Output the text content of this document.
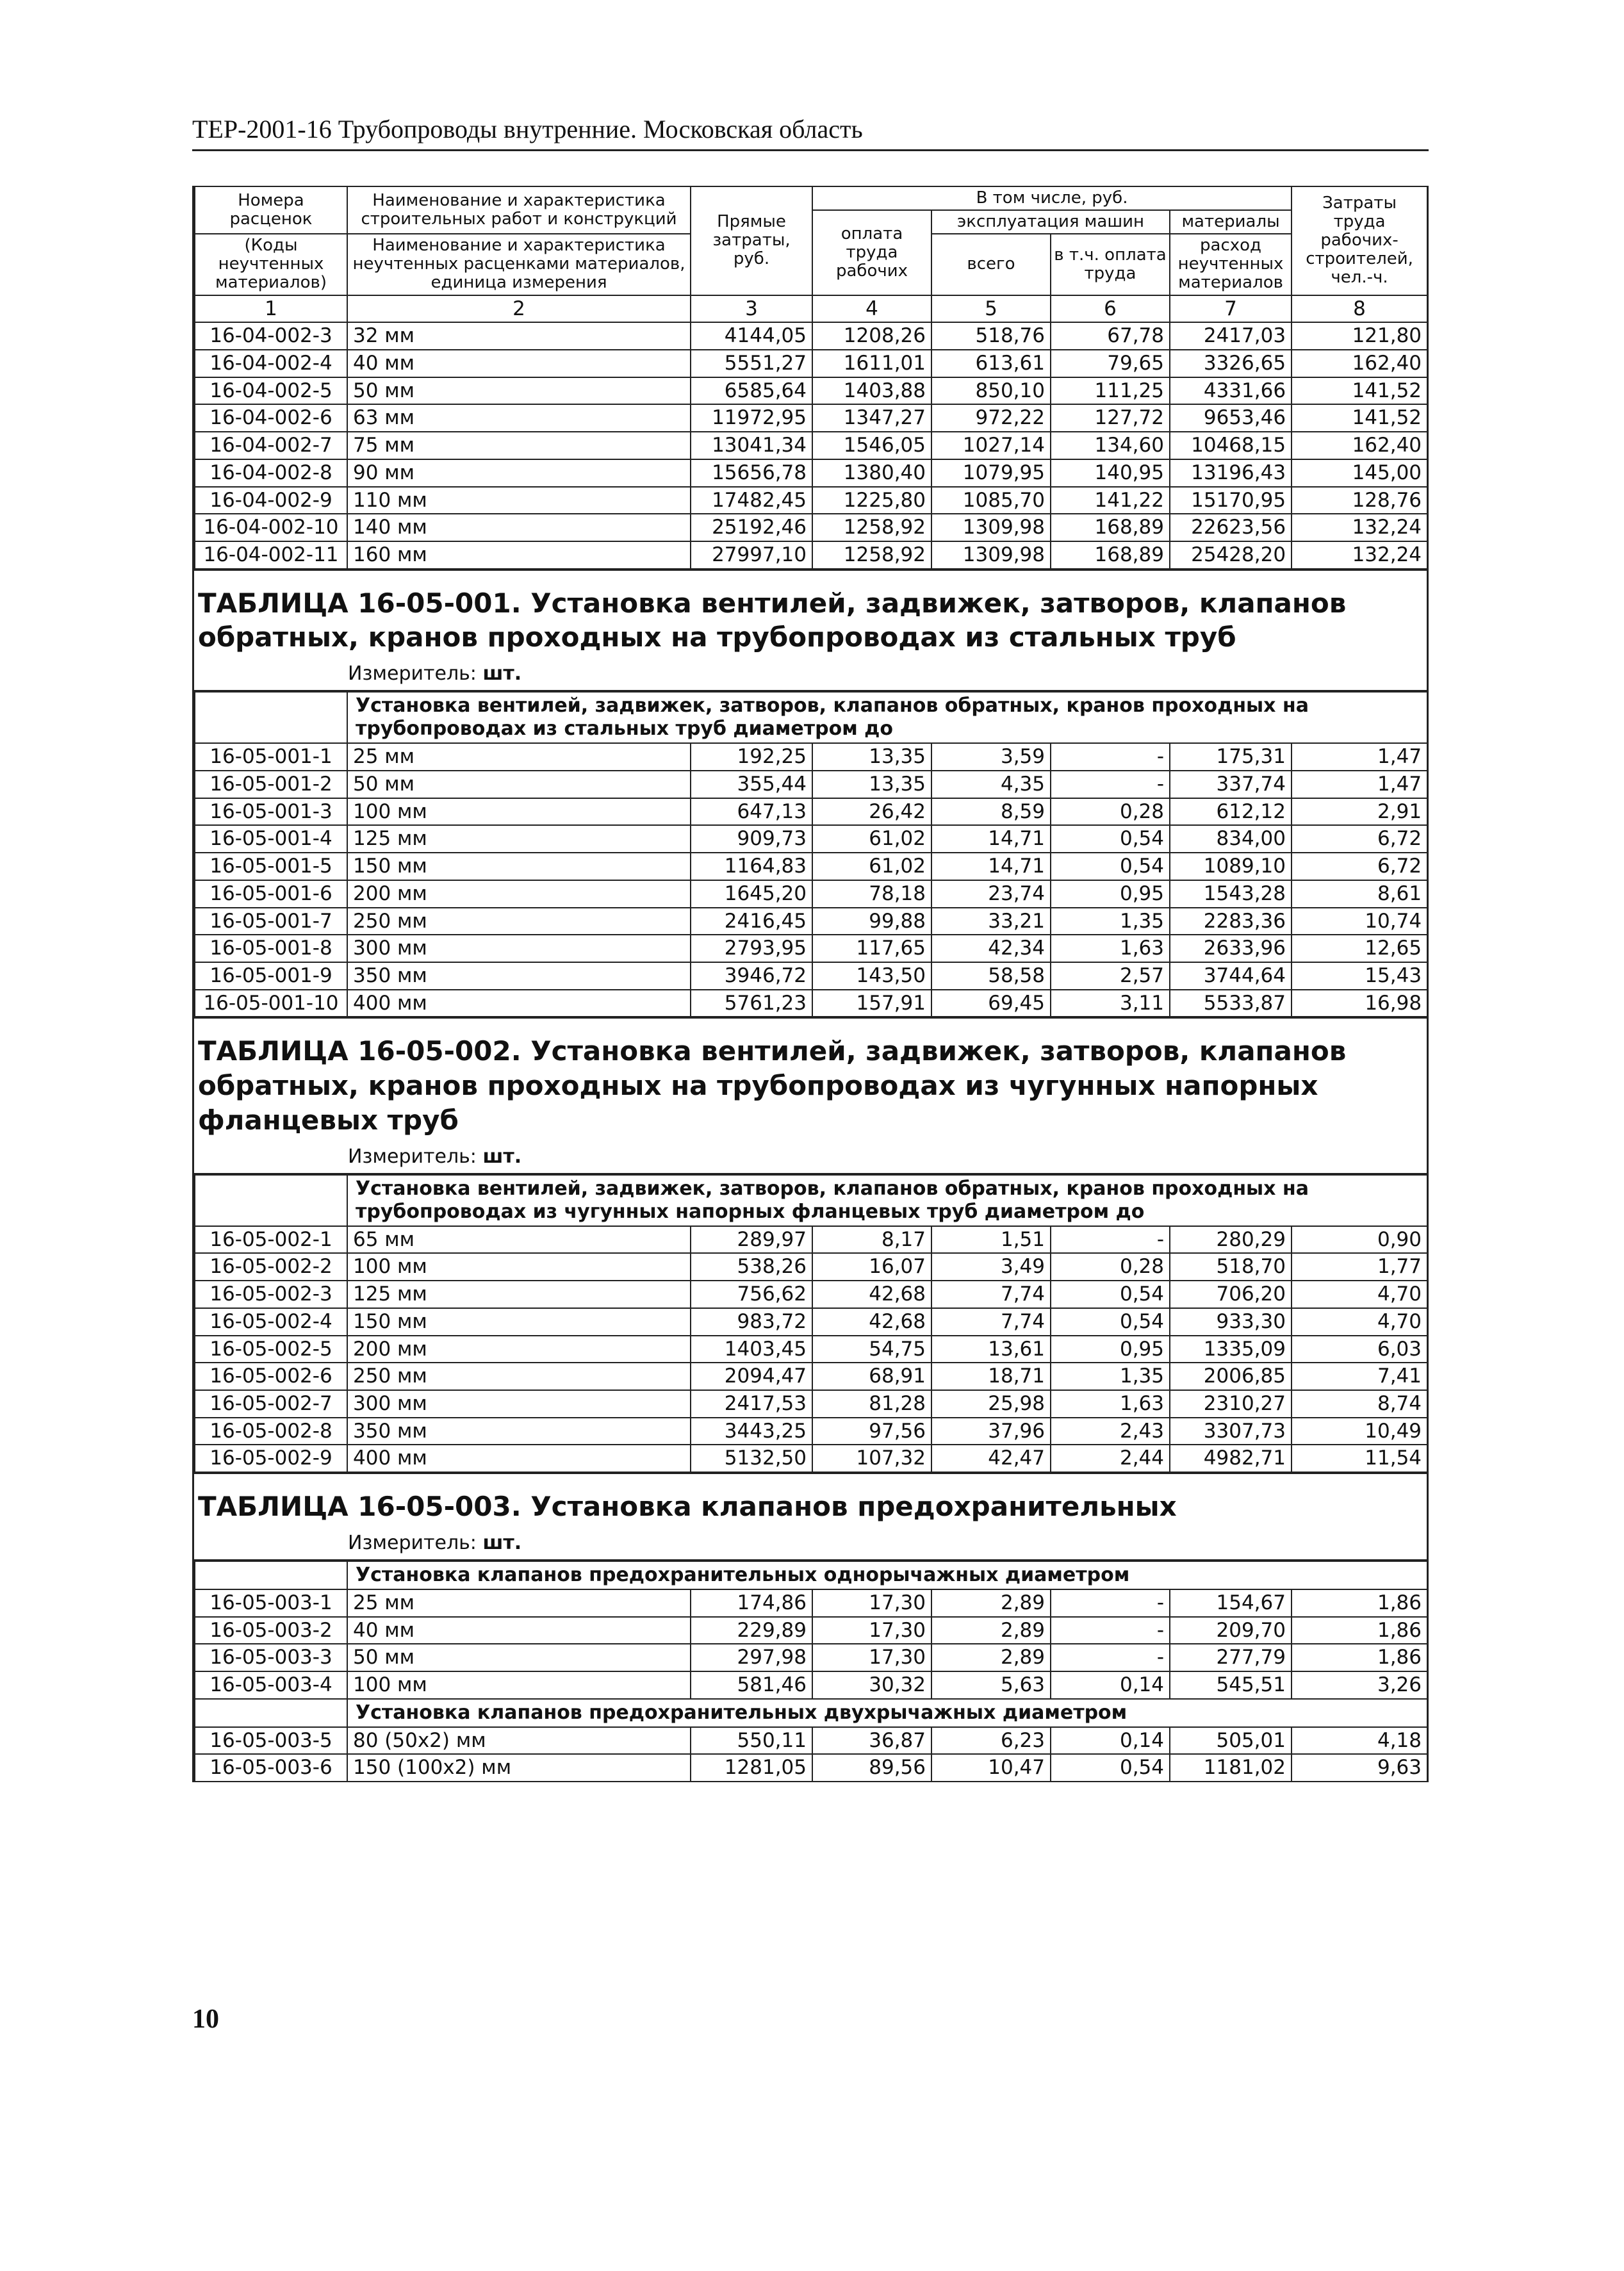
ТЕР-2001-16 Трубопроводы внутренние. Московская область
Номера расценок	Наименование и характеристика строительных работ и конструкций	Прямые затраты, руб.	В том числе, руб.				Затраты труда рабочих-строителей, чел.-ч.
			оплата труда рабочих	эксплуатация машин		материалы	
(Коды неучтенных материалов)	Наименование и характеристика неучтенных расценками материалов, единица измерения			всего	в т.ч. оплата труда	расход неучтенных материалов	

1	2	3	4	5	6	7	8
16-04-002-3	32 мм	4144,05	1208,26	518,76	67,78	2417,03	121,80
16-04-002-4	40 мм	5551,27	1611,01	613,61	79,65	3326,65	162,40
16-04-002-5	50 мм	6585,64	1403,88	850,10	111,25	4331,66	141,52
16-04-002-6	63 мм	11972,95	1347,27	972,22	127,72	9653,46	141,52
16-04-002-7	75 мм	13041,34	1546,05	1027,14	134,60	10468,15	162,40
16-04-002-8	90 мм	15656,78	1380,40	1079,95	140,95	13196,43	145,00
16-04-002-9	110 мм	17482,45	1225,80	1085,70	141,22	15170,95	128,76
16-04-002-10	140 мм	25192,46	1258,92	1309,98	168,89	22623,56	132,24
16-04-002-11	160 мм	27997,10	1258,92	1309,98	168,89	25428,20	132,24
ТАБЛИЦА 16-05-001. Установка вентилей, задвижек, затворов, клапанов обратных, кранов проходных на трубопроводах из стальных труб
Измеритель: шт.
	Установка вентилей, задвижек, затворов, клапанов обратных, кранов проходных на трубопроводах из стальных труб диаметром до						
16-05-001-1	25 мм	192,25	13,35	3,59	-	175,31	1,47
16-05-001-2	50 мм	355,44	13,35	4,35	-	337,74	1,47
16-05-001-3	100 мм	647,13	26,42	8,59	0,28	612,12	2,91
16-05-001-4	125 мм	909,73	61,02	14,71	0,54	834,00	6,72
16-05-001-5	150 мм	1164,83	61,02	14,71	0,54	1089,10	6,72
16-05-001-6	200 мм	1645,20	78,18	23,74	0,95	1543,28	8,61
16-05-001-7	250 мм	2416,45	99,88	33,21	1,35	2283,36	10,74
16-05-001-8	300 мм	2793,95	117,65	42,34	1,63	2633,96	12,65
16-05-001-9	350 мм	3946,72	143,50	58,58	2,57	3744,64	15,43
16-05-001-10	400 мм	5761,23	157,91	69,45	3,11	5533,87	16,98
ТАБЛИЦА 16-05-002. Установка вентилей, задвижек, затворов, клапанов обратных, кранов проходных на трубопроводах из чугунных напорных фланцевых труб
Измеритель: шт.
	Установка вентилей, задвижек, затворов, клапанов обратных, кранов проходных на трубопроводах из чугунных напорных фланцевых труб диаметром до						
16-05-002-1	65 мм	289,97	8,17	1,51	-	280,29	0,90
16-05-002-2	100 мм	538,26	16,07	3,49	0,28	518,70	1,77
16-05-002-3	125 мм	756,62	42,68	7,74	0,54	706,20	4,70
16-05-002-4	150 мм	983,72	42,68	7,74	0,54	933,30	4,70
16-05-002-5	200 мм	1403,45	54,75	13,61	0,95	1335,09	6,03
16-05-002-6	250 мм	2094,47	68,91	18,71	1,35	2006,85	7,41
16-05-002-7	300 мм	2417,53	81,28	25,98	1,63	2310,27	8,74
16-05-002-8	350 мм	3443,25	97,56	37,96	2,43	3307,73	10,49
16-05-002-9	400 мм	5132,50	107,32	42,47	2,44	4982,71	11,54
ТАБЛИЦА 16-05-003. Установка клапанов предохранительных
Измеритель: шт.
	Установка клапанов предохранительных однорычажных диаметром						
16-05-003-1	25 мм	174,86	17,30	2,89	-	154,67	1,86
16-05-003-2	40 мм	229,89	17,30	2,89	-	209,70	1,86
16-05-003-3	50 мм	297,98	17,30	2,89	-	277,79	1,86
16-05-003-4	100 мм	581,46	30,32	5,63	0,14	545,51	3,26
	Установка клапанов предохранительных двухрычажных диаметром						
16-05-003-5	80 (50x2) мм	550,11	36,87	6,23	0,14	505,01	4,18
16-05-003-6	150 (100x2) мм	1281,05	89,56	10,47	0,54	1181,02	9,63
10
